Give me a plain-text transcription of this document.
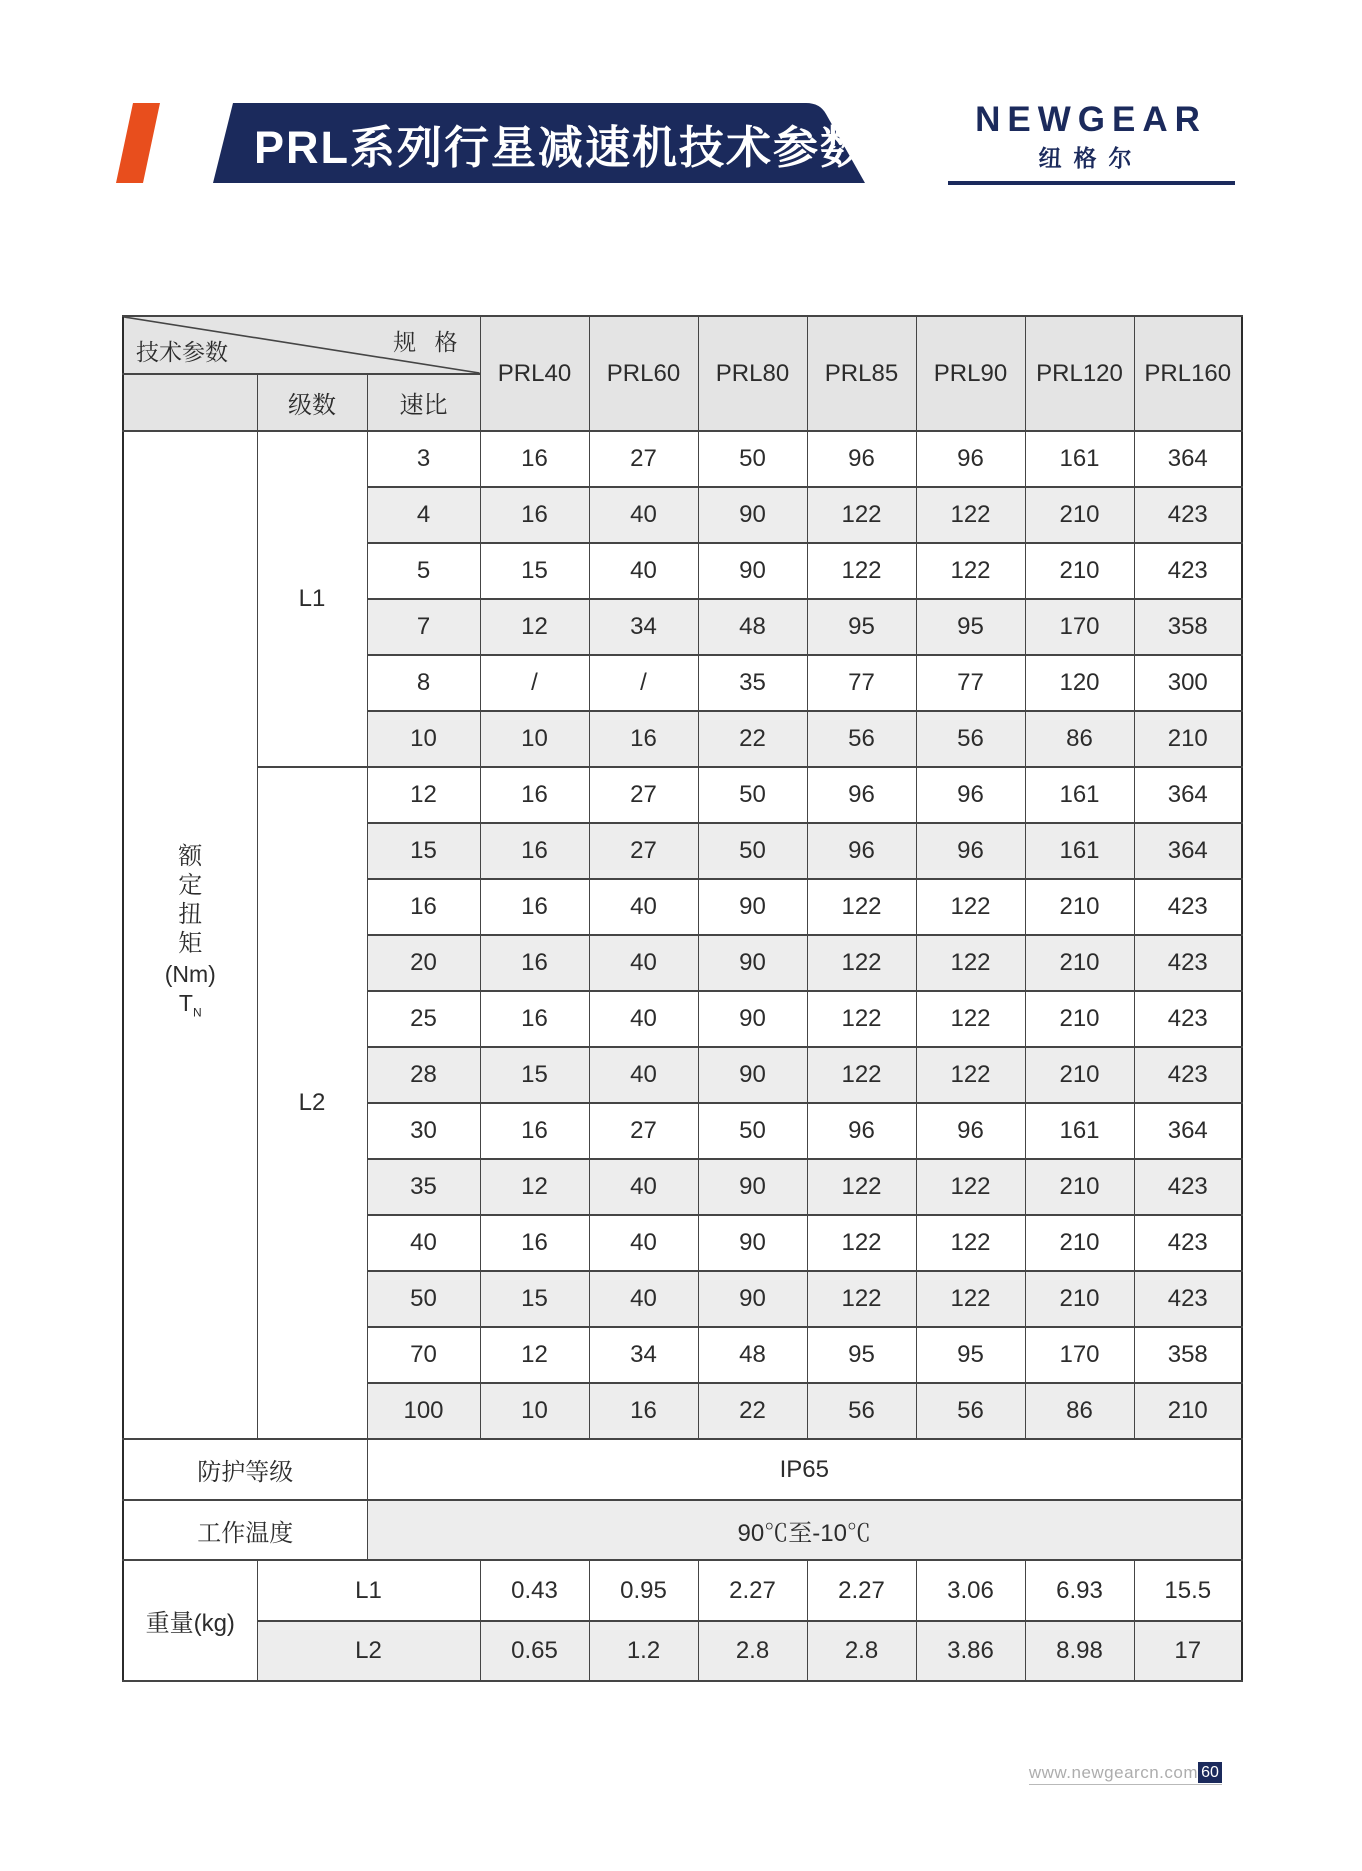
PRL系列行星减速机技术参数
NEWGEAR
纽格尔
规 格
技术参数			PRL40	PRL60	PRL80	PRL85	PRL90	PRL120	PRL160
	级数	速比							

额
定
扭
矩
(Nm)
$T_N$
	L1	3	16	27	50	96	96	161	364
		4	16	40	90	122	122	210	423
		5	15	40	90	122	122	210	423
		7	12	34	48	95	95	170	358
		8	/	/	35	77	77	120	300
		10	10	16	22	56	56	86	210
	L2	12	16	27	50	96	96	161	364
		15	16	27	50	96	96	161	364
		16	16	40	90	122	122	210	423
		20	16	40	90	122	122	210	423
		25	16	40	90	122	122	210	423
		28	15	40	90	122	122	210	423
		30	16	27	50	96	96	161	364
		35	12	40	90	122	122	210	423
		40	16	40	90	122	122	210	423
		50	15	40	90	122	122	210	423
		70	12	34	48	95	95	170	358
		100	10	16	22	56	56	86	210
防护等级		IP65							
工作温度		90℃至-10℃							
重量(kg)	L1		0.43	0.95	2.27	2.27	3.06	6.93	15.5
	L2		0.65	1.2	2.8	2.8	3.86	8.98	17
www.newgearcn.com 60
